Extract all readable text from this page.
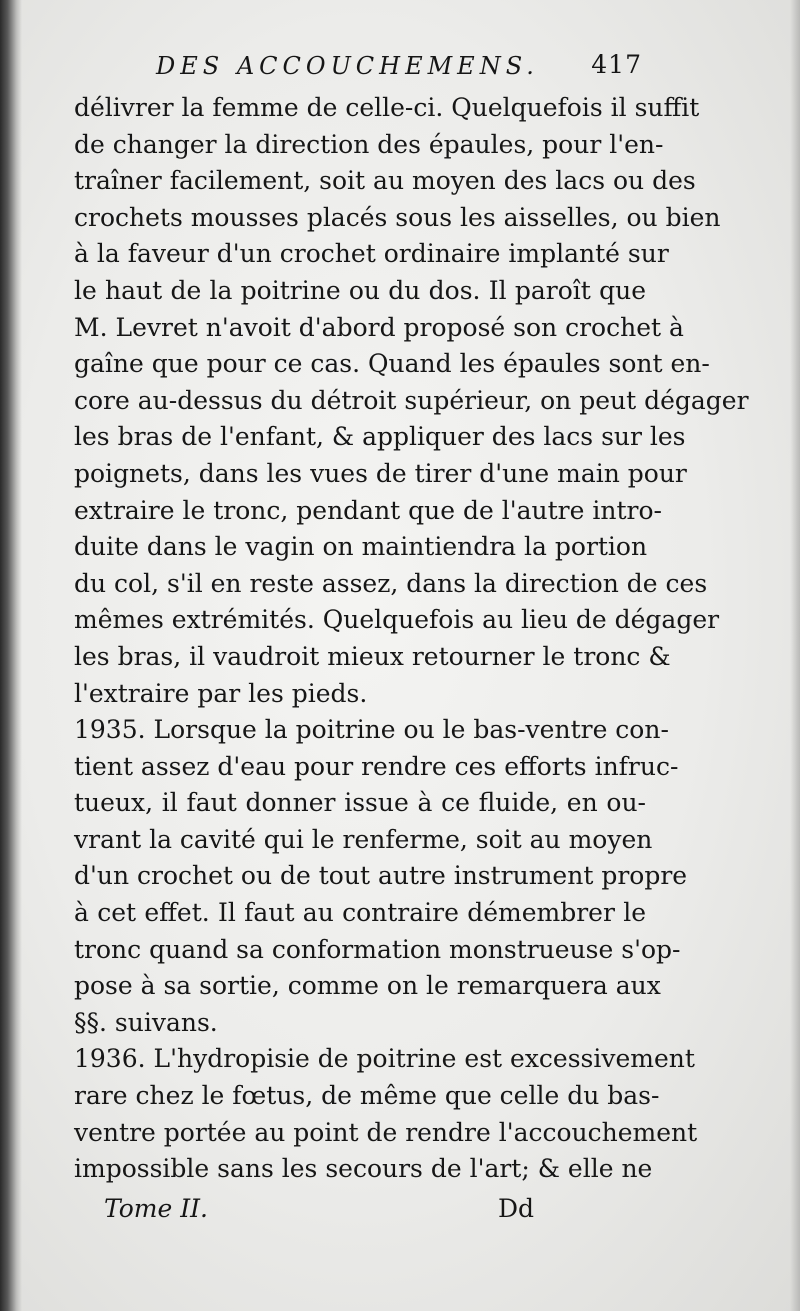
DES ACCOUCHEMENS. 417
délivrer la femme de celle-ci. Quelquefois il suffit
de changer la direction des épaules, pour l'en-
traîner facilement, soit au moyen des lacs ou des
crochets mousses placés sous les aisselles, ou bien
à la faveur d'un crochet ordinaire implanté sur
le haut de la poitrine ou du dos. Il paroît que
M. Levret n'avoit d'abord proposé son crochet à
gaîne que pour ce cas. Quand les épaules sont en-
core au-dessus du détroit supérieur, on peut dégager
les bras de l'enfant, & appliquer des lacs sur les
poignets, dans les vues de tirer d'une main pour
extraire le tronc, pendant que de l'autre intro-
duite dans le vagin on maintiendra la portion
du col, s'il en reste assez, dans la direction de ces
mêmes extrémités. Quelquefois au lieu de dégager
les bras, il vaudroit mieux retourner le tronc &
l'extraire par les pieds.
1935. Lorsque la poitrine ou le bas-ventre con-
tient assez d'eau pour rendre ces efforts infruc-
tueux, il faut donner issue à ce fluide, en ou-
vrant la cavité qui le renferme, soit au moyen
d'un crochet ou de tout autre instrument propre
à cet effet. Il faut au contraire démembrer le
tronc quand sa conformation monstrueuse s'op-
pose à sa sortie, comme on le remarquera aux
§§. suivans.
1936. L'hydropisie de poitrine est excessivement
rare chez le fœtus, de même que celle du bas-
ventre portée au point de rendre l'accouchement
impossible sans les secours de l'art; & elle ne
Tome II.	Dd
